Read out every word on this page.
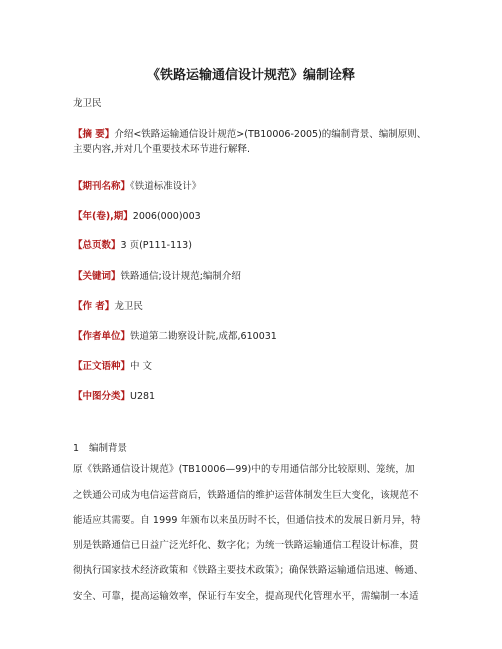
《铁路运输通信设计规范》编制诠释
龙卫民
【摘 要】介绍<铁路运输通信设计规范>(TB10006-2005)的编制背景、编制原则、
主要内容,并对几个重要技术环节进行解释.
【期刊名称】《铁道标准设计》
【年(卷),期】2006(000)003
【总页数】3 页(P111-113)
【关键词】铁路通信;设计规范;编制介绍
【作 者】龙卫民
【作者单位】铁道第二勘察设计院,成都,610031
【正文语种】中 文
【中图分类】U281
1 编制背景
原《铁路通信设计规范》(TB10006—99)中的专用通信部分比较原则、笼统，加
之铁通公司成为电信运营商后，铁路通信的维护运营体制发生巨大变化，该规范不
能适应其需要。自 1999 年颁布以来虽历时不长，但通信技术的发展日新月异，特
别是铁路通信已日益广泛光纤化、数字化；为统一铁路运输通信工程设计标准，贯
彻执行国家技术经济政策和《铁路主要技术政策》；确保铁路运输通信迅速、畅通、
安全、可靠，提高运输效率，保证行车安全，提高现代化管理水平，需编制一本适
